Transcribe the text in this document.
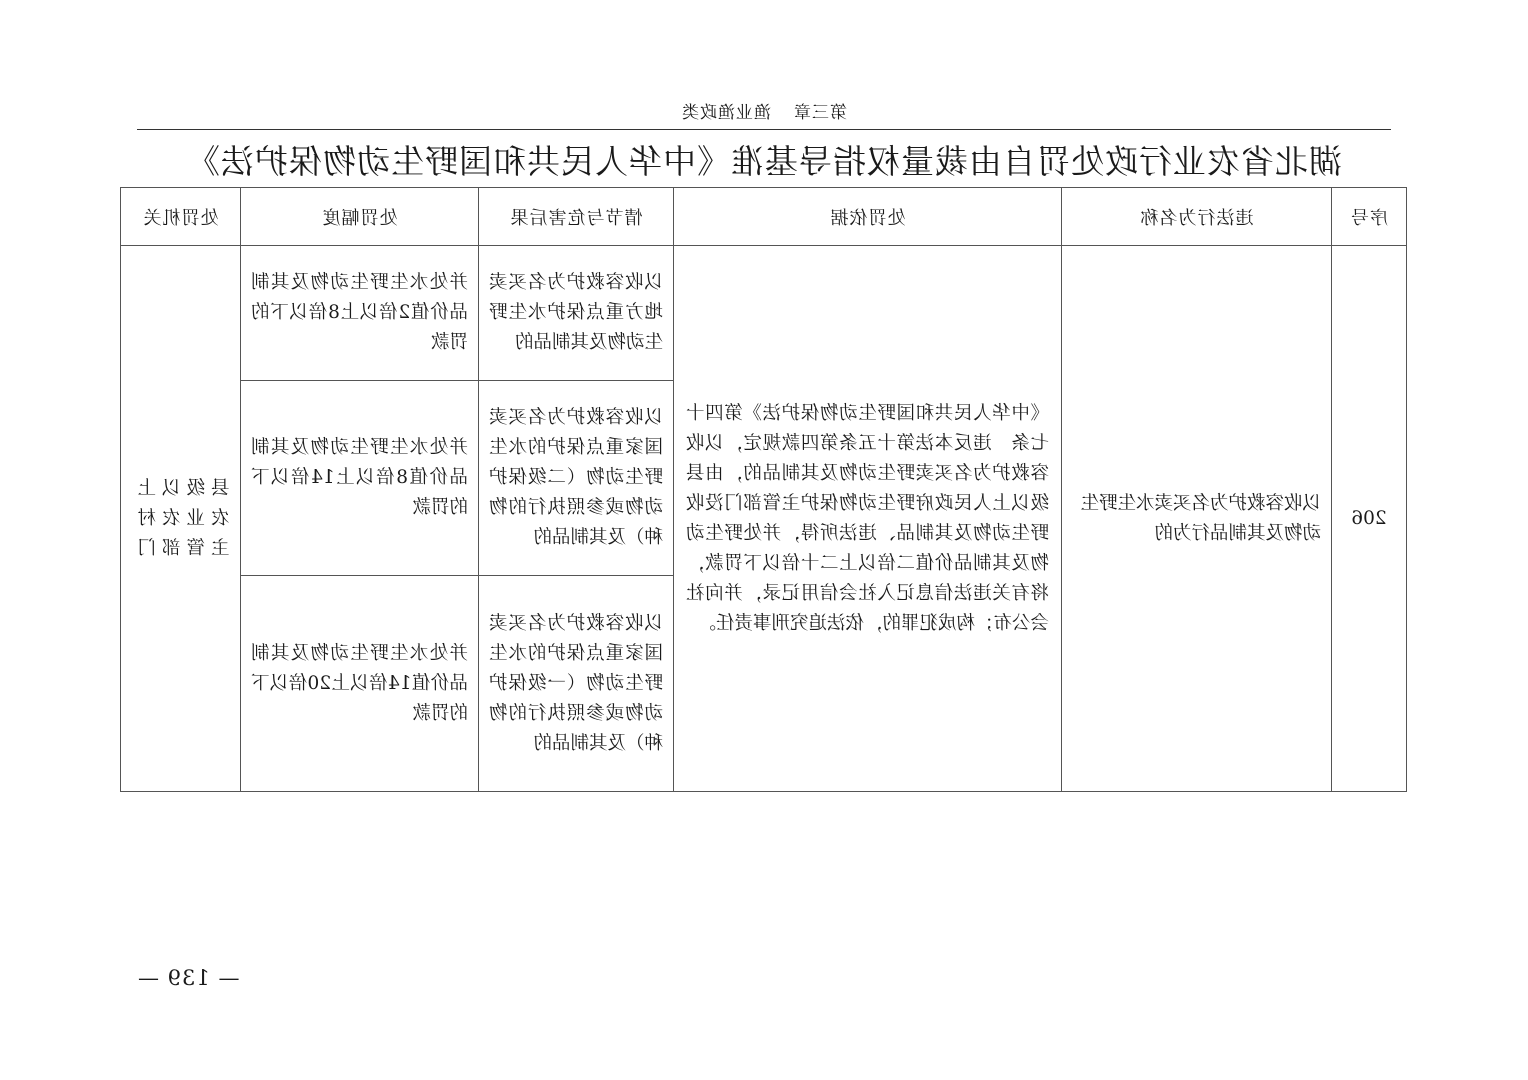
第三章渔业渔政类
湖北省农业行政处罚自由裁量权指导基准《中华人民共和国野生动物保护法》
序号	违法行为名称	处罚依据	情节与危害后果	处罚幅度	处罚机关
206	以收容救护为名买卖水生野生动物及其制品行为的	《中华人民共和国野生动物保护法》第四十七条　违反本法第十五条第四款规定，以收容救护为名买卖野生动物及其制品的，由县级以上人民政府野生动物保护主管部门没收野生动物及其制品、违法所得，并处野生动物及其制品价值二倍以上二十倍以下罚款，将有关违法信息记入社会信用记录，并向社会公布；构成犯罪的，依法追究刑事责任。	以收容救护为名买卖地方重点保护水生野生动物及其制品的	并处水生野生动物及其制品价值2倍以上8倍以下的罚款	县级以上农业农村主管部门
			以收容救护为名买卖国家重点保护的水生野生动物（二级保护动物或参照执行的物种）及其制品的	并处水生野生动物及其制品价值8倍以上14倍以下的罚款	
			以收容救护为名买卖国家重点保护的水生野生动物（一级保护动物或参照执行的物种）及其制品的	并处水生野生动物及其制品价值14倍以上20倍以下的罚款	
— 139 —
